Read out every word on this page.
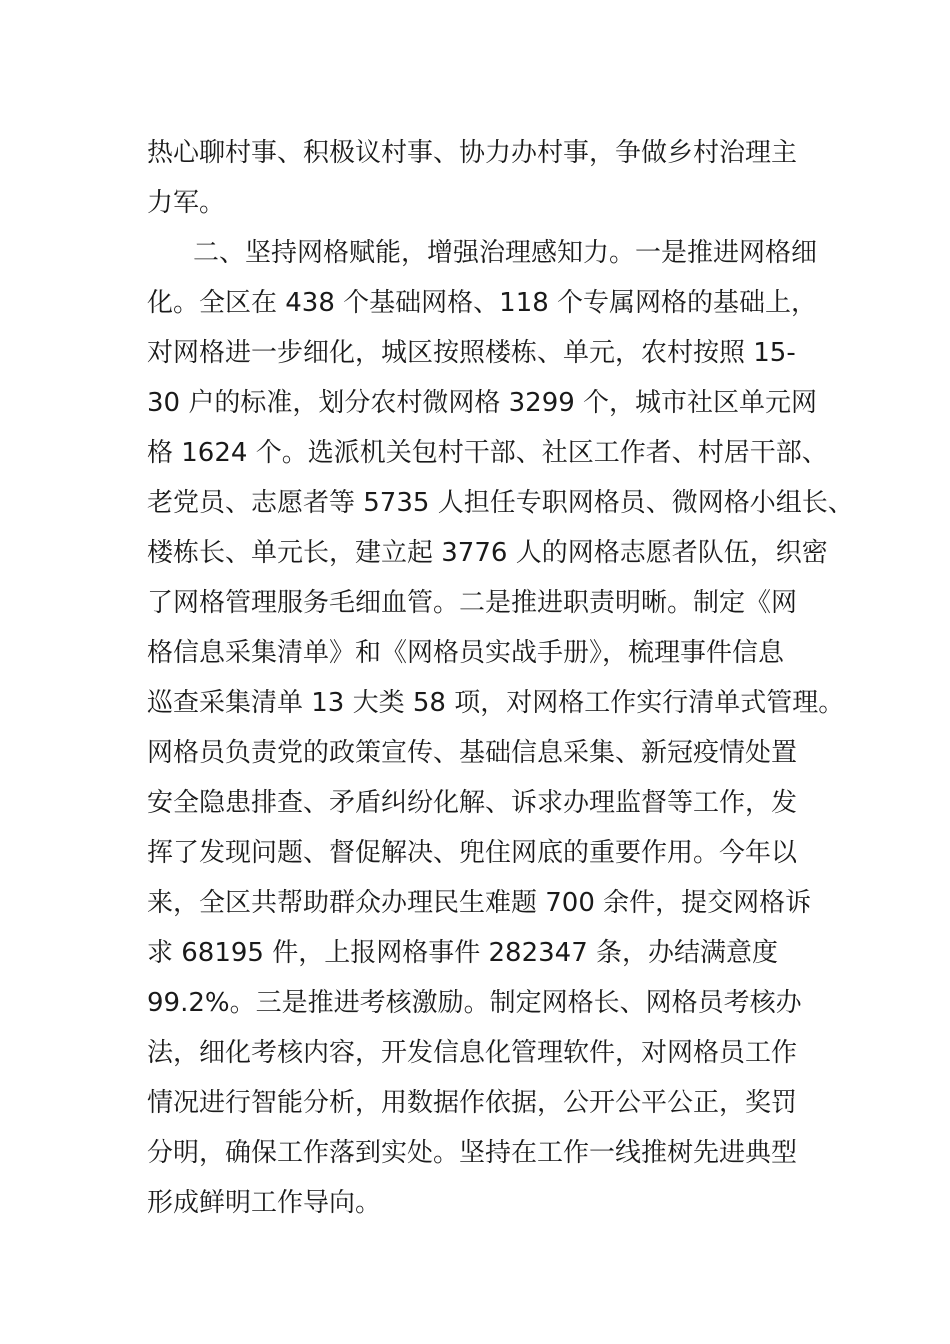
热心聊村事、积极议村事、协力办村事，争做乡村治理主
力军。
二、坚持网格赋能，增强治理感知力。一是推进网格细
化。全区在 438 个基础网格、118 个专属网格的基础上，
对网格进一步细化，城区按照楼栋、单元，农村按照 15-
30 户的标准，划分农村微网格 3299 个，城市社区单元网
格 1624 个。选派机关包村干部、社区工作者、村居干部、
老党员、志愿者等 5735 人担任专职网格员、微网格小组长、
楼栋长、单元长，建立起 3776 人的网格志愿者队伍，织密
了网格管理服务毛细血管。二是推进职责明晰。制定《网
格信息采集清单》和《网格员实战手册》，梳理事件信息
巡查采集清单 13 大类 58 项，对网格工作实行清单式管理。
网格员负责党的政策宣传、基础信息采集、新冠疫情处置
安全隐患排查、矛盾纠纷化解、诉求办理监督等工作，发
挥了发现问题、督促解决、兜住网底的重要作用。今年以
来，全区共帮助群众办理民生难题 700 余件，提交网格诉
求 68195 件，上报网格事件 282347 条，办结满意度
99.2%。三是推进考核激励。制定网格长、网格员考核办
法，细化考核内容，开发信息化管理软件，对网格员工作
情况进行智能分析，用数据作依据，公开公平公正，奖罚
分明，确保工作落到实处。坚持在工作一线推树先进典型
形成鲜明工作导向。
